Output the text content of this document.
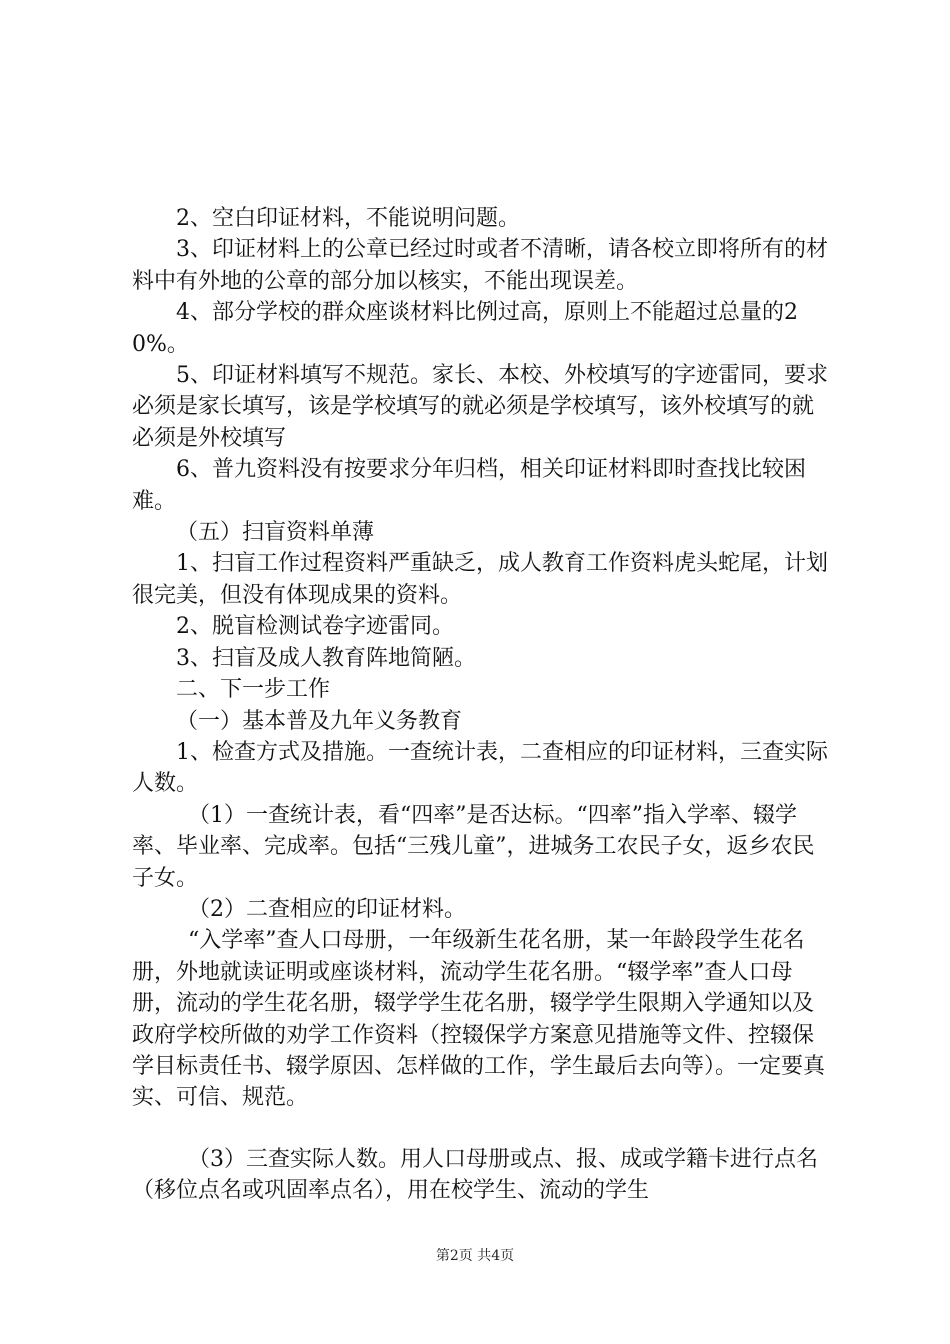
2、空白印证材料，不能说明问题。

3、印证材料上的公章已经过时或者不清晰，请各校立即将所有的材料中有外地的公章的部分加以核实，不能出现误差。

4、部分学校的群众座谈材料比例过高，原则上不能超过总量的20%。

5、印证材料填写不规范。家长、本校、外校填写的字迹雷同，要求必须是家长填写，该是学校填写的就必须是学校填写，该外校填写的就必须是外校填写

6、普九资料没有按要求分年归档，相关印证材料即时查找比较困难。

（五）扫盲资料单薄

1、扫盲工作过程资料严重缺乏，成人教育工作资料虎头蛇尾，计划很完美，但没有体现成果的资料。

2、脱盲检测试卷字迹雷同。

3、扫盲及成人教育阵地简陋。

二、下一步工作

（一）基本普及九年义务教育

1、检查方式及措施。一查统计表，二查相应的印证材料，三查实际人数。

（1）一查统计表，看“四率”是否达标。“四率”指入学率、辍学率、毕业率、完成率。包括“三残儿童”，进城务工农民子女，返乡农民子女。

（2）二查相应的印证材料。

“入学率”查人口母册，一年级新生花名册，某一年龄段学生花名册，外地就读证明或座谈材料，流动学生花名册。“辍学率”查人口母册，流动的学生花名册，辍学学生花名册，辍学学生限期入学通知以及政府学校所做的劝学工作资料（控辍保学方案意见措施等文件、控辍保学目标责任书、辍学原因、怎样做的工作，学生最后去向等）。一定要真实、可信、规范。

（3）三查实际人数。用人口母册或点、报、成或学籍卡进行点名（移位点名或巩固率点名），用在校学生、流动的学生

第2页 共4页
